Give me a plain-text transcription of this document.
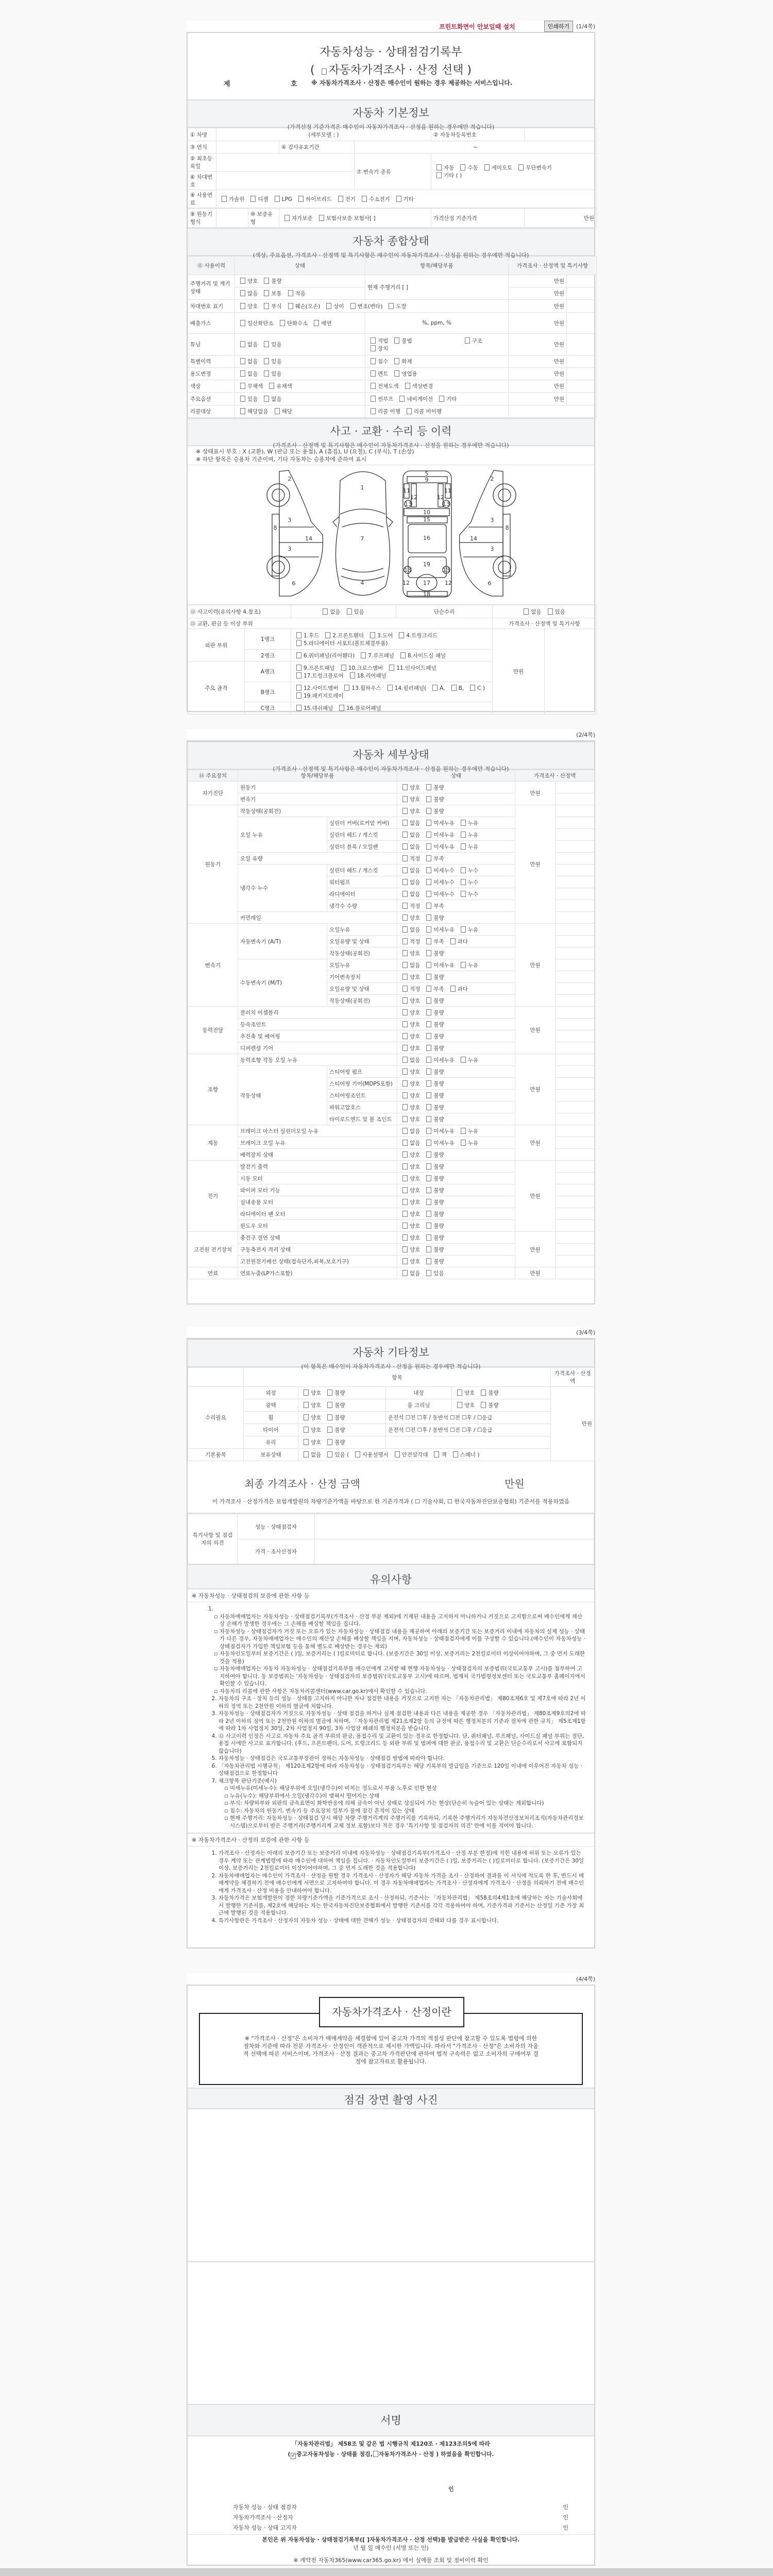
프린트화면이 안보일때 설치	인쇄하기	(1/4쪽)
자동차성능 · 상태점검기록부
( 자동차가격조사 · 산정 선택 )
제	호 ※ 자동차가격조사 · 산정은 매수인이 원하는 경우 제공하는 서비스입니다.
자동차 기본정보

(가격산정 기준가격은 매수인이 자동차가격조사 · 산정을 원하는 경우에만 적습니다)

① 차명	(세부모델 : )			② 자동차등록번호	
③ 연식		④ 검사유효기간	~		
⑤ 최초등록일			⑦ 변속기 종류	자동 수동 세미오토 무단변속기
기타 ( )	
⑥ 차대번호					
⑧ 사용연료	가솔린 디젤 LPG 하이브리드 전기 수소전기 기타				
⑨ 원동기형식		⑩ 보증유형	자가보증 보험사보증 보험사[ ]	가격산정 기준가격	만원
자동차 종합상태

(색상, 주요옵션, 가격조사 · 산정액 및 특기사항은 매수인이 자동차가격조사 · 산정을 원하는 경우에만 적습니다)

⑪ 사용이력	상태	항목/해당부품	가격조사 · 산정액 및 특기사항	
주행거리 및 계기상태	양호 불량	현재 주행거리 [ ]	만원	
	많음 보통 적음		만원	
차대번호 표기	양호 부식 훼손(오손) 상이 변조(변타) 도말		만원	
배출가스	일산화탄소 탄화수소 매연	%, ppm, %	만원	
튜닝	없음 있음	적법 불법 구조장치	만원	
특별이력	없음 있음	침수 화재	만원	
용도변경	없음 있음	렌트 영업용	만원	
색상	무채색 유채색	전체도색 색상변경	만원	
주요옵션	있음 없음	썬루프 네비게이션 기타	만원	
리콜대상	해당없음 해당	리콜 이행 리콜 미이행		
사고 · 교환 · 수리 등 이력

(가격조사 · 산정액 및 특기사항은 매수인이 자동차가격조사 · 산정을 원하는 경우에만 적습니다)

※ 상태표시 부호 : X (교환), W (판금 또는 용접), A (흠집), U (요철), C (부식), T (손상)
※ 하단 항목은 승용차 기준이며, 기타 자동차는 승용차에 준하여 표시
2
3
8
14
3
6
1
7
4
5
9
11	11
12	12
13	13
10
15
16
19
13	13
12 17	12
18
2
3
8
14
3
6
⑫ 사고이력(유의사항 4.참조)		없음 있음	단순수리	없음 있음	
⑬ 교환, 판금 등 이상 부위				가격조사 · 산정액 및 특기사항	
외판 부위	1랭크	1.후드 2.프론트휀더 3.도어 4.트렁크리드5.라디에이터 서포트(볼트체결부품)		만원	
	2랭크	6.쿼터패널(리어휀다) 7.루프패널 8.사이드실 패널			
주요 골격	A랭크	9.프론트패널 10.크로스멤버 11.인사이드패널17.트렁크플로어 18.리어패널			
	B랭크	12.사이드멤버 13.휠하우스 14.필러패널( A, B, C )19.패키지트레이			
	C랭크	15.대쉬패널 16.플로어패널			
(2/4쪽)
자동차 세부상태

(가격조사 · 산정액 및 특기사항은 매수인이 자동차가격조사 · 산정을 원하는 경우에만 적습니다)

⑭ 주요장치	항목/해당부품		상태	가격조사 · 산정액	
자기진단	원동기		양호 불량	만원	
	변속기		양호 불량		
원동기	작동상태(공회전)		양호 불량	만원	
	오일 누유	실린더 커버(로커암 커버)	없음 미세누유 누유		
		실린더 헤드 / 개스킷	없음 미세누유 누유		
		실린더 블록 / 오일팬	없음 미세누유 누유		
	오일 유량		적정 부족		
	냉각수 누수	실린더 헤드 / 개스킷	없음 미세누수 누수		
		워터펌프	없음 미세누수 누수		
		라디에이터	없음 미세누수 누수		
		냉각수 수량	적정 부족		
	커먼레일		양호 불량		
변속기	자동변속기 (A/T)	오일누유	없음 미세누유 누유	만원	
		오일유량 및 상태	적정 부족 과다		
		작동상태(공회전)	양호 불량		
	수동변속기 (M/T)	오일누유	없음 미세누유 누유		
		기어변속장치	양호 불량		
		오일유량 및 상태	적정 부족 과다		
		작동상태(공회전)	양호 불량		
동력전달	클러치 어셈블리		양호 불량	만원	
	등속조인트		양호 불량		
	추진축 및 베어링		양호 불량		
	디퍼렌셜 기어		양호 불량		
조향	동력조향 작동 오일 누유		없음 미세누유 누유	만원	
	작동상태	스티어링 펌프	양호 불량		
		스티어링 기어(MDPS포함)	양호 불량		
		스티어링조인트	양호 불량		
		파워고압호스	양호 불량		
		타이로드엔드 및 볼 조인트	양호 불량		
제동	브레이크 마스터 실린더오일 누유		없음 미세누유 누유	만원	
	브레이크 오일 누유		없음 미세누유 누유		
	배력장치 상태		양호 불량		
전기	발전기 출력		양호 불량	만원	
	시동 모터		양호 불량		
	와이퍼 모터 기능		양호 불량		
	실내송풍 모터		양호 불량		
	라디에이터 팬 모터		양호 불량		
	윈도우 모터		양호 불량		
고전원 전기장치	충전구 절연 상태		양호 불량	만원	
	구동축전지 격리 상태		양호 불량		
	고전원전기배선 상태(접속단자,피복,보호기구)		양호 불량		
연료	연료누출(LP가스포함)		없음 있음	만원	
(3/4쪽)
자동차 기타정보

(이 항목은 매수인이 자동차가격조사 · 산정을 원하는 경우에만 적습니다)

	항목				가격조사 · 산정액
수리필요	외장	양호 불량	내장	양호 불량	만원
	광택	양호 불량	룸 크리닝	양호 불량	
	휠	양호 불량	운전석 ☐전 ☐후 / 동반석 ☐전 ☐후 / ☐응급		
	타이어	양호 불량	운전석 ☐전 ☐후 / 동반석 ☐전 ☐후 / ☐응급		
	유리	양호 불량			
기본품목	보유상태	없음 있음 ( 사용설명서 안전삼각대 잭 스패너 )			
최종 가격조사 · 산정 금액	만원
이 가격조사 · 산정가격은 보험개발원의 차량기준가액을 바탕으로 한 기준가격과 ( ☐ 기술사회, ☐ 한국자동차진단보증협회) 기준서를 적용하였음
특기사항 및 점검자의 의견	성능 · 상태점검자	
	가격 · 조사산정자	
유의사항
※ 자동차성능 · 상태점검의 보증에 관한 사항 등
1.
▫ 자동차매매업자는 자동차성능 · 상태점검기록부(가격조사 · 산정 부분 제외)에 기재된 내용을 고지하지 아니하거나 거짓으로 고지함으로써 매수인에게 재산상 손해가 발생한 경우에는 그 손해를 배상할 책임을 집니다.
▫ 자동차성능 · 상태점검자가 거짓 또는 오류가 있는 자동차성능 · 상태점검 내용을 제공하여 아래의 보증기간 또는 보증거리 이내에 자동차의 실제 성능 · 상태가 다른 경우, 자동차매매업자는 매수인의 재산상 손해를 배상할 책임을 지며, 자동차성능 · 상태점검자에게 이를 구상할 수 있습니다.(매수인이 자동차성능 · 상태점검자가 가입한 책임보험 등을 통해 별도로 배상받는 경우는 제외)
▫ 자동차인도일부터 보증기간은 ( )일, 보증거리는 ( )킬로미터로 합니다. (보증기간은 30일 이상, 보증거리는 2천킬로미터 이상이어야하며, 그 중 먼저 도래한 것을 적용)
▫ 자동차매매업자는 자동차 자동차성능 · 상태점검기록부를 매수인에게 고지할 때 현행 자동차성능 · 상태점검자의 보증범위(국토교통부 고시)를 첨부하여 고지하여야 합니다. 동 보증범위는 '자동차성능 · 상태점검자의 보증범위'(국토교통부 고시)에 따르며, 법제처 국가법령정보센터 또는 국토교통부 홈페이지에서 확인할 수 있습니다.
▫ 자동차의 리콜에 관한 사항은 자동차리콜센터(www.car.go.kr)에서 확인할 수 있습니다.
2. 자동차의 구조 · 장치 등의 성능 · 상태를 고지하지 아니한 자나 점검한 내용을 거짓으로 고지한 자는 「자동차관리법」 제80조제6호 및 제7호에 따라 2년 이하의 징역 또는 2천만원 이하의 벌금에 처합니다.
3. 자동차성능 · 상태점검자가 거짓으로 자동차성능 · 상태 점검을 하거나 실제 점검한 내용과 다른 내용을 제공한 경우 「자동차관리법」 제80조제9호의2에 따라 2년 이하의 징역 또는 2천만원 이하의 벌금에 처하며, 「자동차관리법 제21조제2항 등의 규정에 따른 행정처분의 기준과 절차에 관한 규칙」 제5조제1항에 따라 1차 사업정지 30일, 2차 사업정지 90일, 3차 사업장 폐쇄의 행정처분을 받습니다.
4. ⑫ 사고이력 인정은 사고로 자동차 주요 골격 부위의 판금, 용접수리 및 교환이 있는 경우로 한정합니다. 단, 쿼터패널, 루프패널, 사이드실 패널 부위는 절단, 용접 시에만 사고로 표기합니다. (후드, 프론트펜더, 도어, 트렁크리드 등 외판 부위 및 범퍼에 대한 판금, 용접수리 및 교환은 단순수리로서 사고에 포함되지 않습니다)
5. 자동차성능 · 상태점검은 국토교통부장관이 정하는 자동차성능 · 상태점검 방법에 따라야 합니다.
6. 「자동차관리법 시행규칙」 제120조제2항에 따라 자동차성능 · 상태점검기록부는 해당 기록부의 발급일을 기준으로 120일 이내에 이루어진 자동차 성능 · 상태점검으로 한정합니다
7. 체크항목 판단기준(예시)
▫ 미세누유(미세누수): 해당부위에 오일(냉각수)이 비치는 정도로서 부품 노후로 인한 현상
▫ 누유(누수): 해당부위에서 오일(냉각수)이 맺혀서 떨어지는 상태
▫ 부식: 차량하부와 외판의 금속표면이 화학반응에 의해 금속이 아닌 상태로 상실되어 가는 현상(단순히 녹슬어 있는 상태는 제외합니다)
▫ 침수: 자동차의 원동기, 변속기 등 주요장치 일부가 물에 잠긴 흔적이 있는 상태
▫ 현재 주행거리: 자동차성능 · 상태점검 당시 해당 차량 주행거리계의 주행거리를 기록하되, 기록한 주행거리가 자동차전산정보처리조직(자동차관리정보시스템)으로부터 받은 주행거리(주행거리계 교체 정보 포함)보다 적은 경우 '특기사항 및 점검자의 의견' 란에 이를 적어야 합니다.
※ 자동차가격조사 · 산정의 보증에 관한 사항 등
1. 가격조사 · 산정자는 아래의 보증기간 또는 보증거리 이내에 자동차성능 · 상태점검기록부(가격조사 · 산정 부분 한정)에 적힌 내용에 허위 또는 오류가 있는 경우 계약 또는 관계법령에 따라 매수인에 대하여 책임을 집니다. · 자동차인도일부터 보증기간은 ( )일, 보증거리는 ( )킬로미터로 합니다. (보증기간은 30일 이상, 보증거리는 2천킬로미터 이상이어야하며, 그 중 먼저 도래한 것을 적용합니다)
2. 자동차매매업자는 매수인이 가격조사 · 산정을 원할 경우 가격조사 · 산정자가 해당 자동차 가격을 조사 · 산정하여 결과를 이 서식에 적도록 한 후, 반드시 매매계약을 체결하기 전에 매수인에게 서면으로 고지하여야 합니다. 이 경우 자동차매매업자는 가격조사 · 산정자에게 가격조사 · 산정을 의뢰하기 전에 매수인에게 가격조사 · 산정 비용을 안내하여야 합니다.
3. 자동차가격은 보험개발원이 정한 차량기준가액을 기준가격으로 조사 · 산정하되, 기준서는 「자동차관리법」 제58조의4제1호에 해당하는 자는 기술사회에서 발행한 기준서를, 제2호에 해당하는 자는 한국자동차진단보증협회에서 발행한 기준서를 각각 적용하여야 하며, 기준가격과 기준서는 산정일 기준 가장 최근에 발행된 것을 적용합니다.
4. 특기사항란은 가격조사 · 산정자의 자동차 성능 · 상태에 대한 견해가 성능 · 상태점검자의 견해와 다를 경우 표시합니다.
(4/4쪽)
※ "가격조사 · 산정"은 소비자가 매매계약을 체결함에 있어 중고차 가격의 적절성 판단에 참고할 수 있도록 법령에 의한 절차와 기준에 따라 전문 가격조사 · 산정인이 객관적으로 제시한 가액입니다. 따라서 "가격조사 · 산정"은 소비자의 자율적 선택에 따른 서비스이며, 가격조사 · 산정 결과는 중고차 가격판단에 관하여 법적 구속력은 없고 소비자의 구매여부 결정에 참고자료로 활용됩니다.
자동차가격조사 · 산정이란
점검 장면 촬영 사진
서명
「자동차관리법」 제58조 및 같은 법 시행규칙 제120조 · 제123조의5에 따라
( ✓ 중고자동차성능 · 상태를 점검, 자동차가격조사 · 산정 ) 하였음을 확인합니다.
인
자동차 성능 · 상태 점검자	인
자동차가격조사 · 산정자	인
자동차 성능 · 상태 고지자	인
본인은 위 자동차성능 · 상태점검기록부([ ]자동차가격조사 · 산정 선택)를 발급받은 사실을 확인합니다.
년 월 일 매수인 (서명 또는 인)
※ 계약전 자동차365(www.car365.go.kr) 에서 실매물 조회 및 정비이력 확인
